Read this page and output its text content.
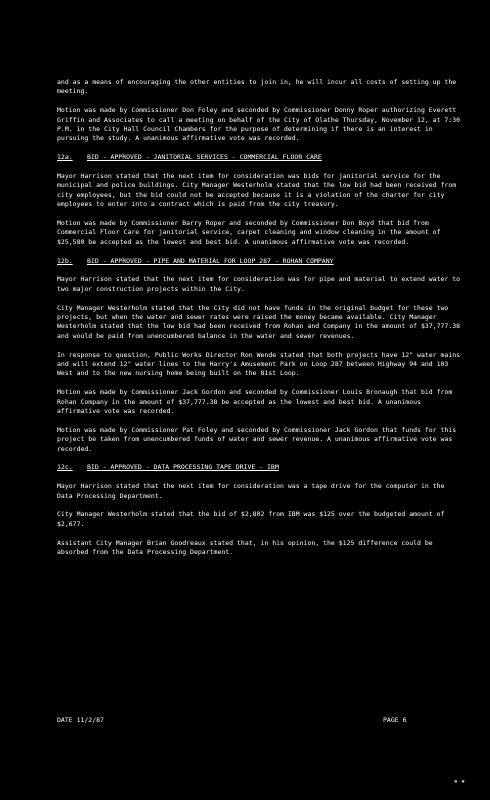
and as a means of encouraging the other entities to join in, he will incur all costs of setting up the meeting.

Motion was made by Commissioner Don Foley and seconded by Commissioner Donny Roper authorizing Everett Griffin and Associates to call a meeting on behalf of the City of Olathe Thursday, November 12, at 7:30 P.M. in the City Hall Council Chambers for the purpose of determining if there is an interest in pursuing the study. A unanimous affirmative vote was recorded.

12a. BID - APPROVED - JANITORIAL SERVICES - COMMERCIAL FLOOR CARE

Mayor Harrison stated that the next item for consideration was bids for janitorial service for the municipal and police buildings. City Manager Westerholm stated that the low bid had been received from city employees, but the bid could not be accepted because it is a violation of the charter for city employees to enter into a contract which is paid from the city treasury.

Motion was made by Commissioner Barry Roper and seconded by Commissioner Don Boyd that bid from Commercial Floor Care for janitorial service, carpet cleaning and window cleaning in the amount of $25,580 be accepted as the lowest and best bid. A unanimous affirmative vote was recorded.

12b. BID - APPROVED - PIPE AND MATERIAL FOR LOOP 287 - ROHAN COMPANY

Mayor Harrison stated that the next item for consideration was for pipe and material to extend water to two major construction projects within the City.

City Manager Westerholm stated that the City did not have funds in the original budget for these two projects, but when the water and sewer rates were raised the money became available. City Manager Westerholm stated that the low bid had been received from Rohan and Company in the amount of $37,777.38 and would be paid from unencumbered balance in the water and sewer revenues.

In response to question, Public Works Director Ron Wende stated that both projects have 12" water mains and will extend 12" water lines to the Harry's Amusement Park on Loop 287 between Highway 94 and 103 West and to the new nursing home being built on the 81st Loop.

Motion was made by Commissioner Jack Gordon and seconded by Commissioner Louis Bronaugh that bid from Rohan Company in the amount of $37,777.38 be accepted as the lowest and best bid. A unanimous affirmative vote was recorded.

Motion was made by Commissioner Pat Foley and seconded by Commissioner Jack Gordon that funds for this project be taken from unencumbered funds of water and sewer revenue. A unanimous affirmative vote was recorded.

12c. BID - APPROVED - DATA PROCESSING TAPE DRIVE - IBM

Mayor Harrison stated that the next item for consideration was a tape drive for the computer in the Data Processing Department.

City Manager Westerholm stated that the bid of $2,802 from IBM was $125 over the budgeted amount of $2,677.

Assistant City Manager Brian Goodreaux stated that, in his opinion, the $125 difference could be absorbed from the Data Processing Department.

DATE 11/2/87	PAGE 6
▪ ▪
